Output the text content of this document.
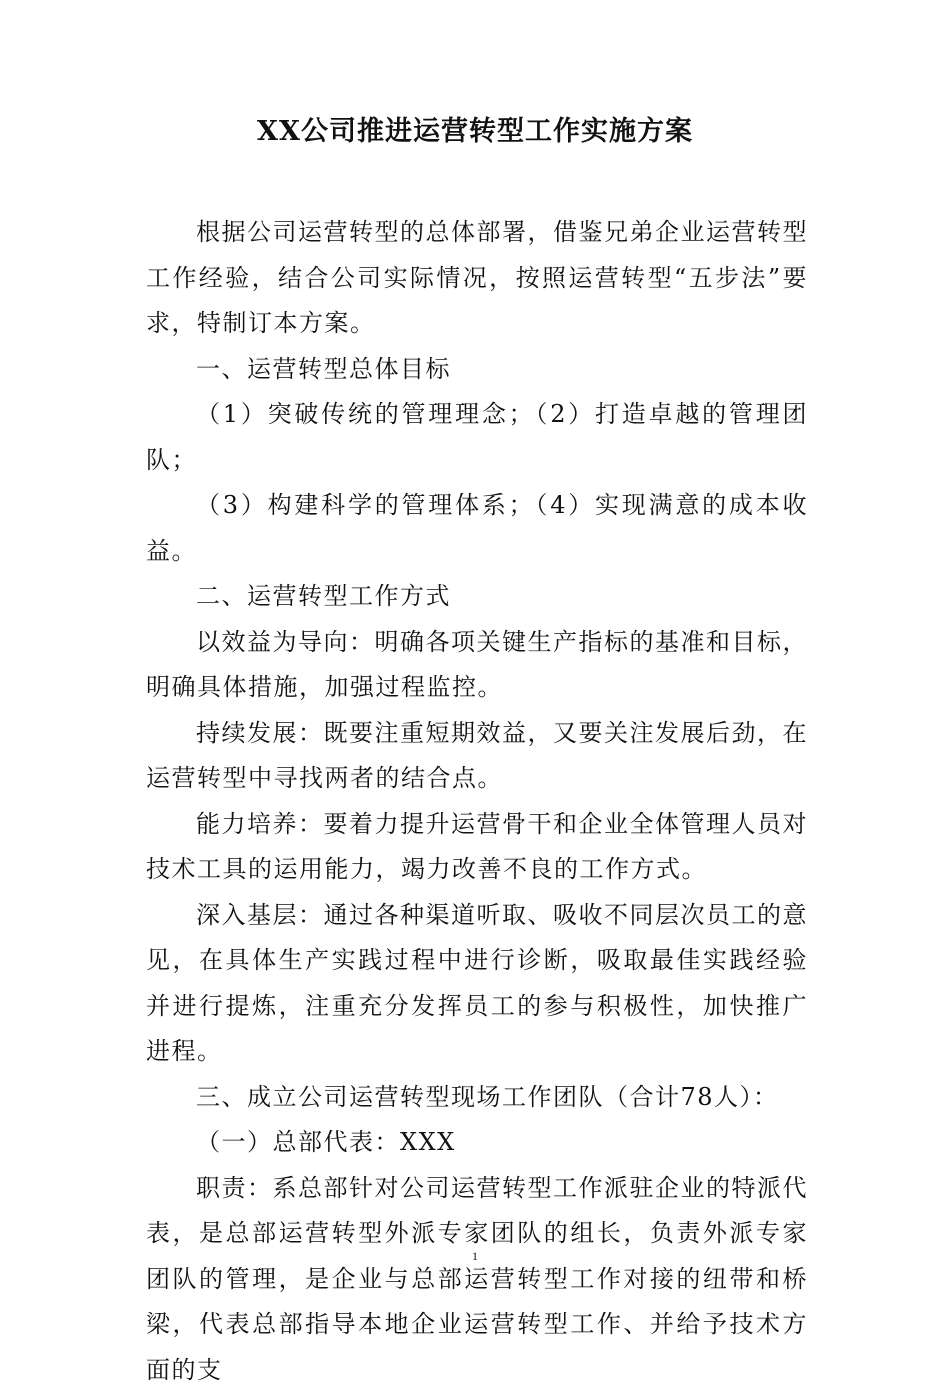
XX公司推进运营转型工作实施方案

根据公司运营转型的总体部署，借鉴兄弟企业运营转型工作经验，结合公司实际情况，按照运营转型“五步法”要求，特制订本方案。

一、运营转型总体目标

（1）突破传统的管理理念；（2）打造卓越的管理团队；

（3）构建科学的管理体系；（4）实现满意的成本收益。

二、运营转型工作方式

以效益为导向：明确各项关键生产指标的基准和目标，明确具体措施，加强过程监控。

持续发展：既要注重短期效益，又要关注发展后劲，在运营转型中寻找两者的结合点。

能力培养：要着力提升运营骨干和企业全体管理人员对技术工具的运用能力，竭力改善不良的工作方式。

深入基层：通过各种渠道听取、吸收不同层次员工的意见，在具体生产实践过程中进行诊断，吸取最佳实践经验并进行提炼，注重充分发挥员工的参与积极性，加快推广进程。

三、成立公司运营转型现场工作团队（合计78人）：

（一）总部代表：XXX

职责：系总部针对公司运营转型工作派驻企业的特派代表，是总部运营转型外派专家团队的组长，负责外派专家团队的管理，是企业与总部运营转型工作对接的纽带和桥梁，代表总部指导本地企业运营转型工作、并给予技术方面的支

1
